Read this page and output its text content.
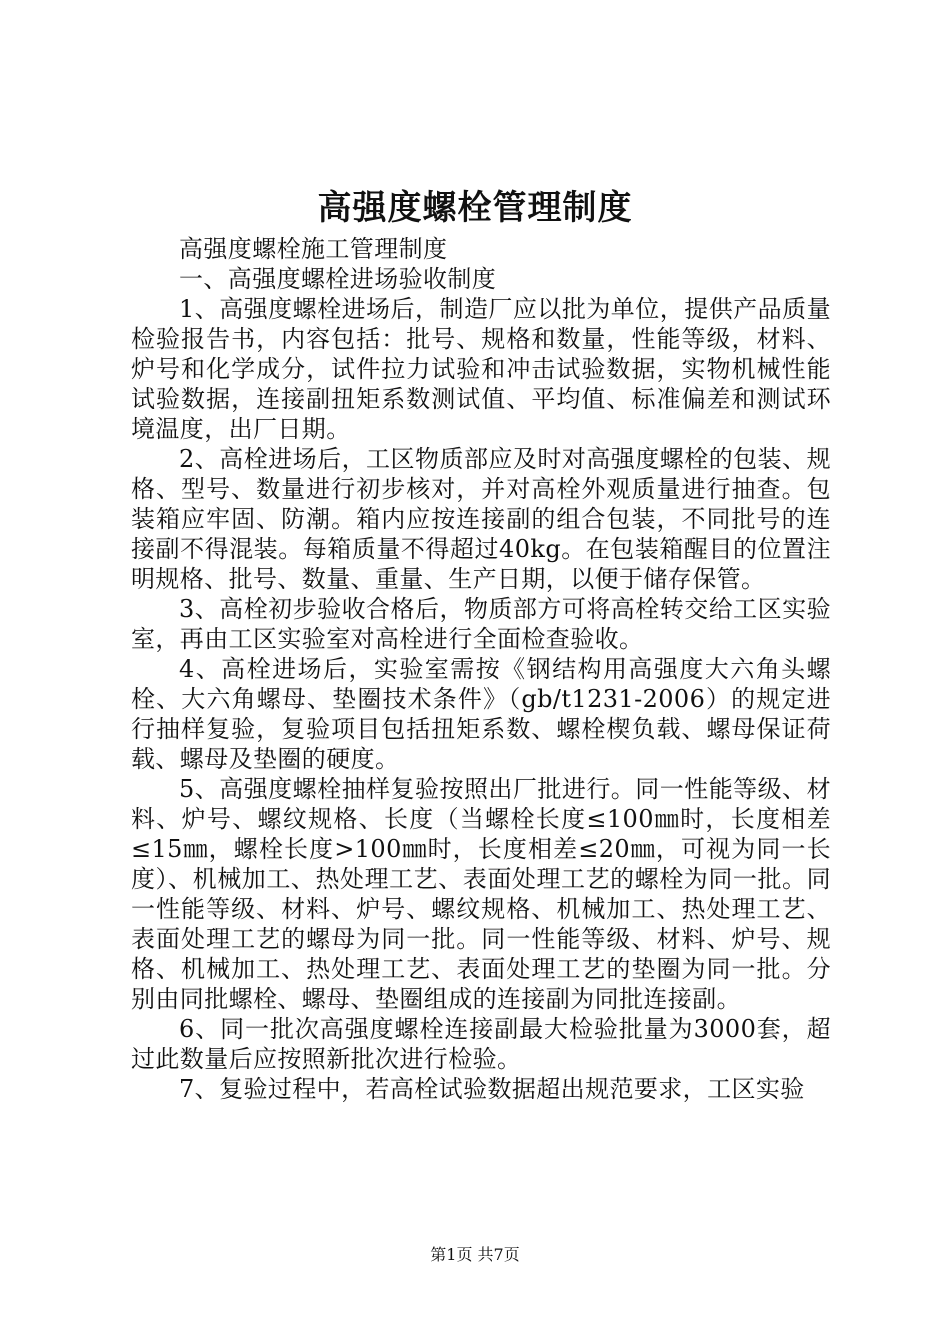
高强度螺栓管理制度

高强度螺栓施工管理制度

一、高强度螺栓进场验收制度

1、高强度螺栓进场后，制造厂应以批为单位，提供产品质量检验报告书，内容包括：批号、规格和数量，性能等级，材料、炉号和化学成分，试件拉力试验和冲击试验数据，实物机械性能试验数据，连接副扭矩系数测试值、平均值、标准偏差和测试环境温度，出厂日期。

2、高栓进场后，工区物质部应及时对高强度螺栓的包装、规格、型号、数量进行初步核对，并对高栓外观质量进行抽查。包装箱应牢固、防潮。箱内应按连接副的组合包装，不同批号的连接副不得混装。每箱质量不得超过40kg。在包装箱醒目的位置注明规格、批号、数量、重量、生产日期，以便于储存保管。

3、高栓初步验收合格后，物质部方可将高栓转交给工区实验室，再由工区实验室对高栓进行全面检查验收。

4、高栓进场后，实验室需按《钢结构用高强度大六角头螺栓、大六角螺母、垫圈技术条件》（gb/t1231-2006）的规定进行抽样复验，复验项目包括扭矩系数、螺栓楔负载、螺母保证荷载、螺母及垫圈的硬度。

5、高强度螺栓抽样复验按照出厂批进行。同一性能等级、材料、炉号、螺纹规格、长度（当螺栓长度≤100㎜时，长度相差≤15㎜，螺栓长度>100㎜时，长度相差≤20㎜，可视为同一长度）、机械加工、热处理工艺、表面处理工艺的螺栓为同一批。同一性能等级、材料、炉号、螺纹规格、机械加工、热处理工艺、表面处理工艺的螺母为同一批。同一性能等级、材料、炉号、规格、机械加工、热处理工艺、表面处理工艺的垫圈为同一批。分别由同批螺栓、螺母、垫圈组成的连接副为同批连接副。

6、同一批次高强度螺栓连接副最大检验批量为3000套，超过此数量后应按照新批次进行检验。

7、复验过程中，若高栓试验数据超出规范要求，工区实验

第1页 共7页
